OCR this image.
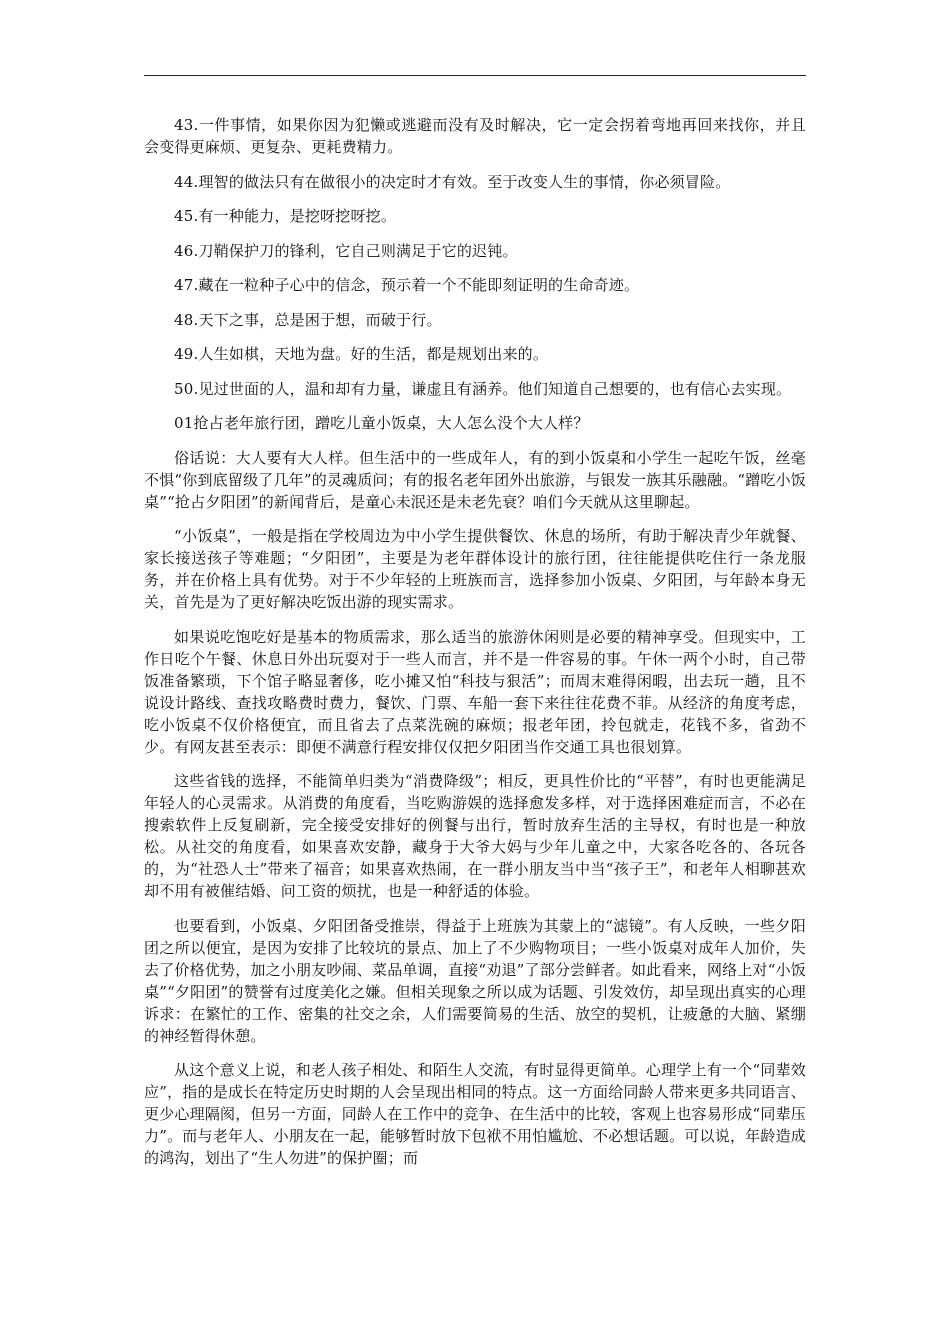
43.一件事情，如果你因为犯懒或逃避而没有及时解决，它一定会拐着弯地再回来找你，并且会变得更麻烦、更复杂、更耗费精力。

44.理智的做法只有在做很小的决定时才有效。至于改变人生的事情，你必须冒险。

45.有一种能力，是挖呀挖呀挖。

46.刀鞘保护刀的锋利，它自己则满足于它的迟钝。

47.藏在一粒种子心中的信念，预示着一个不能即刻证明的生命奇迹。

48.天下之事，总是困于想，而破于行。

49.人生如棋，天地为盘。好的生活，都是规划出来的。

50.见过世面的人，温和却有力量，谦虚且有涵养。他们知道自己想要的，也有信心去实现。

01抢占老年旅行团，蹭吃儿童小饭桌，大人怎么没个大人样？

俗话说：大人要有大人样。但生活中的一些成年人，有的到小饭桌和小学生一起吃午饭，丝毫不惧“你到底留级了几年”的灵魂质问；有的报名老年团外出旅游，与银发一族其乐融融。“蹭吃小饭桌”“抢占夕阳团”的新闻背后，是童心未泯还是未老先衰？咱们今天就从这里聊起。

“小饭桌”，一般是指在学校周边为中小学生提供餐饮、休息的场所，有助于解决青少年就餐、家长接送孩子等难题；“夕阳团”，主要是为老年群体设计的旅行团，往往能提供吃住行一条龙服务，并在价格上具有优势。对于不少年轻的上班族而言，选择参加小饭桌、夕阳团，与年龄本身无关，首先是为了更好解决吃饭出游的现实需求。

如果说吃饱吃好是基本的物质需求，那么适当的旅游休闲则是必要的精神享受。但现实中，工作日吃个午餐、休息日外出玩耍对于一些人而言，并不是一件容易的事。午休一两个小时，自己带饭准备繁琐，下个馆子略显奢侈，吃小摊又怕“科技与狠活”；而周末难得闲暇，出去玩一趟，且不说设计路线、查找攻略费时费力，餐饮、门票、车船一套下来往往花费不菲。从经济的角度考虑，吃小饭桌不仅价格便宜，而且省去了点菜洗碗的麻烦；报老年团，拎包就走，花钱不多，省劲不少。有网友甚至表示：即便不满意行程安排仅仅把夕阳团当作交通工具也很划算。

这些省钱的选择，不能简单归类为“消费降级”；相反，更具性价比的“平替”，有时也更能满足年轻人的心灵需求。从消费的角度看，当吃购游娱的选择愈发多样，对于选择困难症而言，不必在搜索软件上反复刷新，完全接受安排好的例餐与出行，暂时放弃生活的主导权，有时也是一种放松。从社交的角度看，如果喜欢安静，藏身于大爷大妈与少年儿童之中，大家各吃各的、各玩各的，为“社恐人士”带来了福音；如果喜欢热闹，在一群小朋友当中当“孩子王”，和老年人相聊甚欢却不用有被催结婚、问工资的烦扰，也是一种舒适的体验。

也要看到，小饭桌、夕阳团备受推崇，得益于上班族为其蒙上的“滤镜”。有人反映，一些夕阳团之所以便宜，是因为安排了比较坑的景点、加上了不少购物项目；一些小饭桌对成年人加价，失去了价格优势，加之小朋友吵闹、菜品单调，直接“劝退”了部分尝鲜者。如此看来，网络上对“小饭桌”“夕阳团”的赞誉有过度美化之嫌。但相关现象之所以成为话题、引发效仿，却呈现出真实的心理诉求：在繁忙的工作、密集的社交之余，人们需要简易的生活、放空的契机，让疲惫的大脑、紧绷的神经暂得休憩。

从这个意义上说，和老人孩子相处、和陌生人交流，有时显得更简单。心理学上有一个“同辈效应”，指的是成长在特定历史时期的人会呈现出相同的特点。这一方面给同龄人带来更多共同语言、更少心理隔阂，但另一方面，同龄人在工作中的竞争、在生活中的比较，客观上也容易形成“同辈压力”。而与老年人、小朋友在一起，能够暂时放下包袱不用怕尴尬、不必想话题。可以说，年龄造成的鸿沟，划出了“生人勿进”的保护圈；而
